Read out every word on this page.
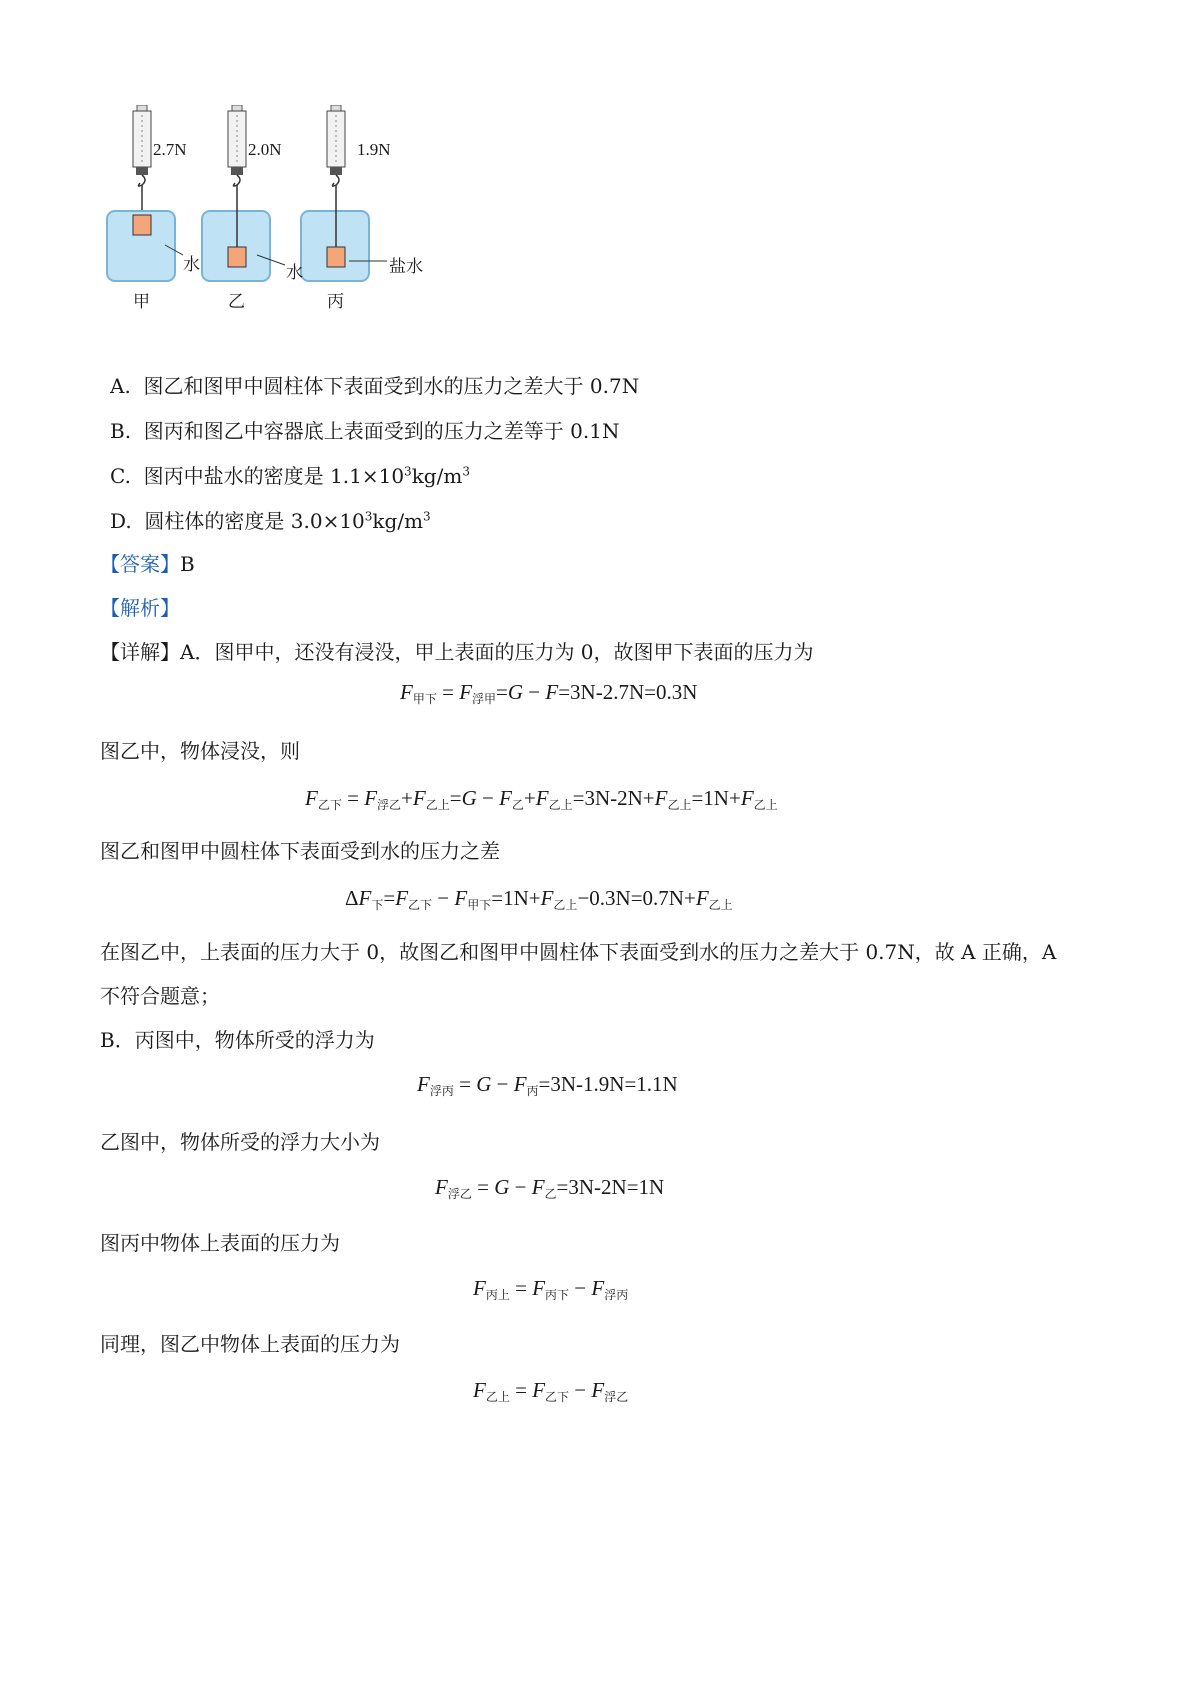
2.7N	2.0N	1.9N
水	水	盐水
甲	乙	丙
A. 图乙和图甲中圆柱体下表面受到水的压力之差大于 0.7N
B. 图丙和图乙中容器底上表面受到的压力之差等于 0.1N
C. 图丙中盐水的密度是 $1.1\times 10^3kg/m^3$
D. 圆柱体的密度是 $3.0\times 10^3kg/m^3$
【答案】B
【解析】
【详解】A．图甲中，还没有浸没，甲上表面的压力为 0，故图甲下表面的压力为
$F_{甲下} = F_{浮甲}=G - F=3N-2.7N=0.3N$
图乙中，物体浸没，则
$F_{乙下} = F_{浮乙}+F_{乙上}=G - F_乙+F_{乙上}=3N-2N+F_{乙上}=1N+F_{乙上}$
图乙和图甲中圆柱体下表面受到水的压力之差
$\Delta F_下=F_{乙下} - F_{甲下}=1N+F_{乙上}-0.3N=0.7N+F_{乙上}$
在图乙中，上表面的压力大于 0，故图乙和图甲中圆柱体下表面受到水的压力之差大于 0.7N，故 A 正确，A
不符合题意；
B．丙图中，物体所受的浮力为
$F_{浮丙} = G - F_丙=3N-1.9N=1.1N$
乙图中，物体所受的浮力大小为
$F_{浮乙} = G - F_乙=3N-2N=1N$
图丙中物体上表面的压力为
$F_{丙上} = F_{丙下} - F_{浮丙}$
同理，图乙中物体上表面的压力为
$F_{乙上} = F_{乙下} - F_{浮乙}$
